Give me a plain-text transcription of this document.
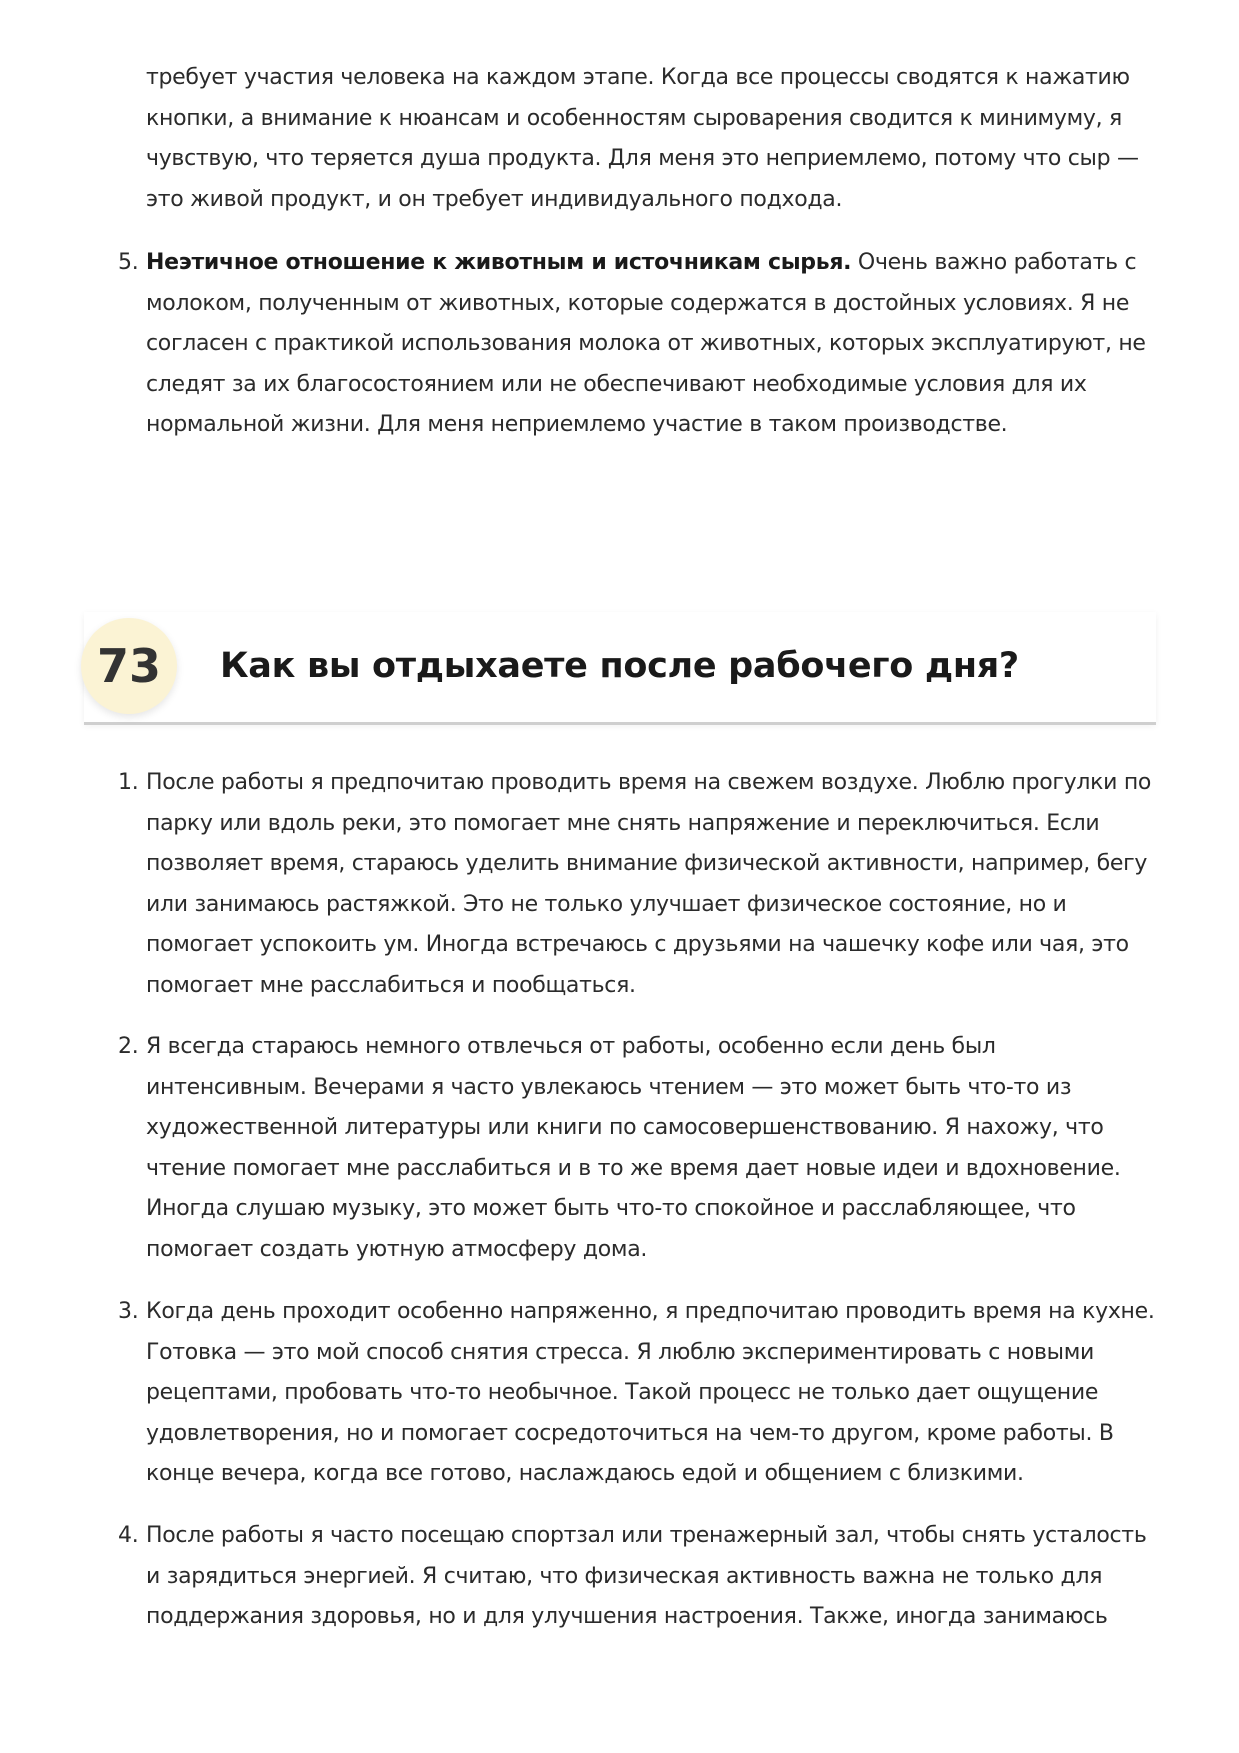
требует участия человека на каждом этапе. Когда все процессы сводятся к нажатию кнопки, а внимание к нюансам и особенностям сыроварения сводится к минимуму, я чувствую, что теряется душа продукта. Для меня это неприемлемо, потому что сыр — это живой продукт, и он требует индивидуального подхода.

5. Неэтичное отношение к животным и источникам сырья. Очень важно работать с молоком, полученным от животных, которые содержатся в достойных условиях. Я не согласен с практикой использования молока от животных, которых эксплуатируют, не следят за их благосостоянием или не обеспечивают необходимые условия для их нормальной жизни. Для меня неприемлемо участие в таком производстве.
73	Как вы отдыхаете после рабочего дня?
1. После работы я предпочитаю проводить время на свежем воздухе. Люблю прогулки по парку или вдоль реки, это помогает мне снять напряжение и переключиться. Если позволяет время, стараюсь уделить внимание физической активности, например, бегу или занимаюсь растяжкой. Это не только улучшает физическое состояние, но и помогает успокоить ум. Иногда встречаюсь с друзьями на чашечку кофе или чая, это помогает мне расслабиться и пообщаться.
2. Я всегда стараюсь немного отвлечься от работы, особенно если день был интенсивным. Вечерами я часто увлекаюсь чтением — это может быть что-то из художественной литературы или книги по самосовершенствованию. Я нахожу, что чтение помогает мне расслабиться и в то же время дает новые идеи и вдохновение. Иногда слушаю музыку, это может быть что-то спокойное и расслабляющее, что помогает создать уютную атмосферу дома.
3. Когда день проходит особенно напряженно, я предпочитаю проводить время на кухне. Готовка — это мой способ снятия стресса. Я люблю экспериментировать с новыми рецептами, пробовать что-то необычное. Такой процесс не только дает ощущение удовлетворения, но и помогает сосредоточиться на чем-то другом, кроме работы. В конце вечера, когда все готово, наслаждаюсь едой и общением с близкими.
4. После работы я часто посещаю спортзал или тренажерный зал, чтобы снять усталость и зарядиться энергией. Я считаю, что физическая активность важна не только для поддержания здоровья, но и для улучшения настроения. Также, иногда занимаюсь
